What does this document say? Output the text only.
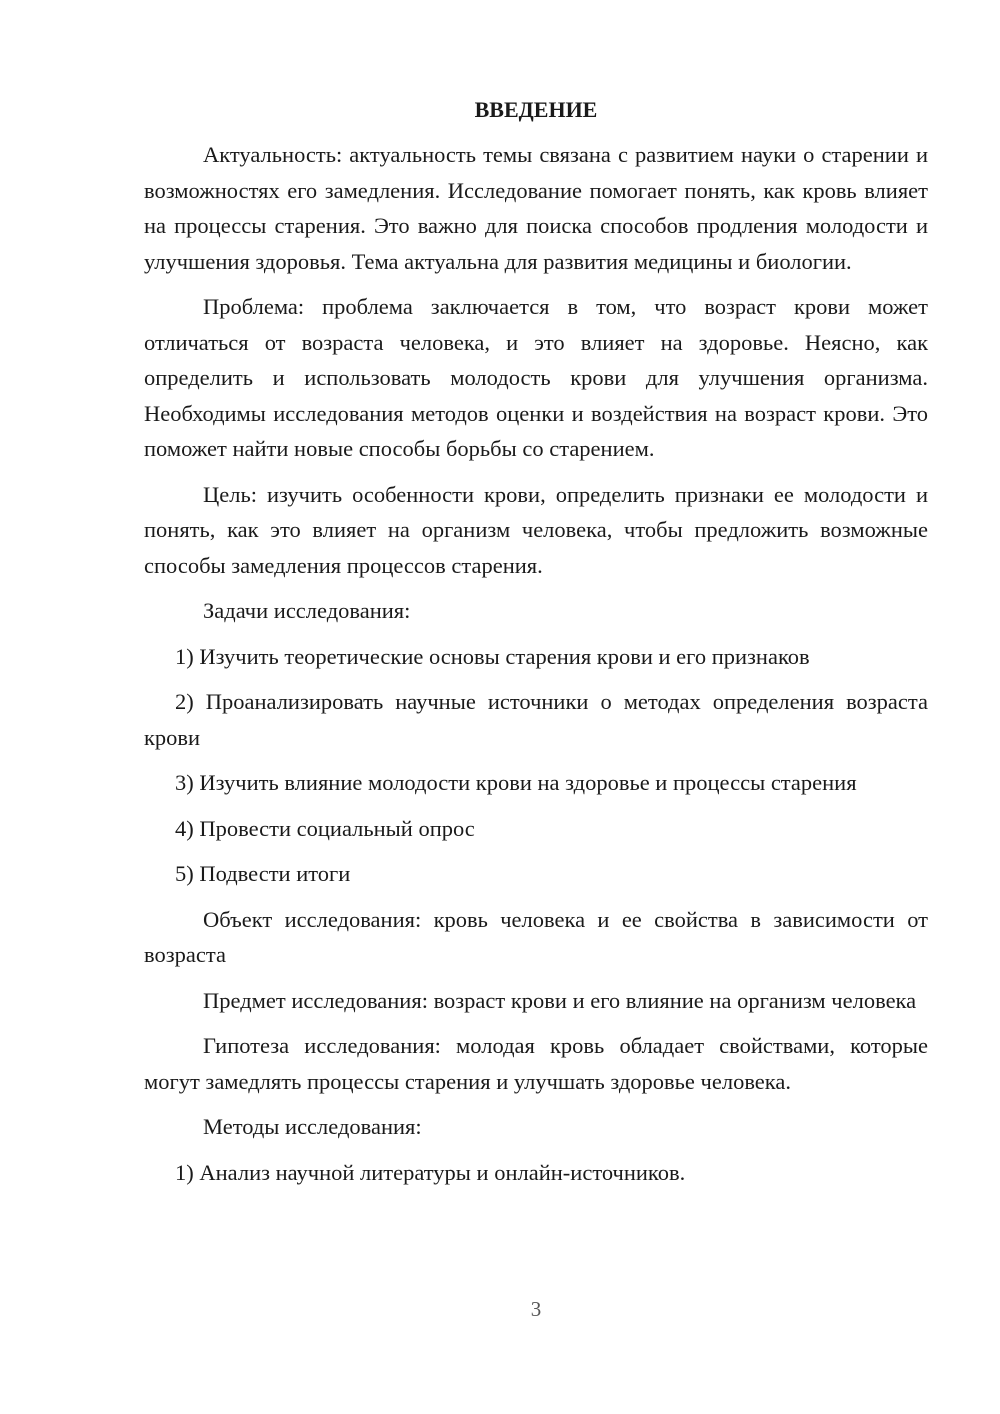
ВВЕДЕНИЕ

Актуальность: актуальность темы связана с развитием науки о старении и возможностях его замедления. Исследование помогает понять, как кровь влияет на процессы старения. Это важно для поиска способов продления молодости и улучшения здоровья. Тема актуальна для развития медицины и биологии.

Проблема: проблема заключается в том, что возраст крови может отличаться от возраста человека, и это влияет на здоровье. Неясно, как определить и использовать молодость крови для улучшения организма. Необходимы исследования методов оценки и воздействия на возраст крови. Это поможет найти новые способы борьбы со старением.

Цель: изучить особенности крови, определить признаки ее молодости и понять, как это влияет на организм человека, чтобы предложить возможные способы замедления процессов старения.

Задачи исследования:

1) Изучить теоретические основы старения крови и его признаков

2) Проанализировать научные источники о методах определения возраста крови

3) Изучить влияние молодости крови на здоровье и процессы старения

4) Провести социальный опрос

5) Подвести итоги

Объект исследования: кровь человека и ее свойства в зависимости от возраста

Предмет исследования: возраст крови и его влияние на организм человека

Гипотеза исследования: молодая кровь обладает свойствами, которые могут замедлять процессы старения и улучшать здоровье человека.

Методы исследования:

1) Анализ научной литературы и онлайн-источников.

3
